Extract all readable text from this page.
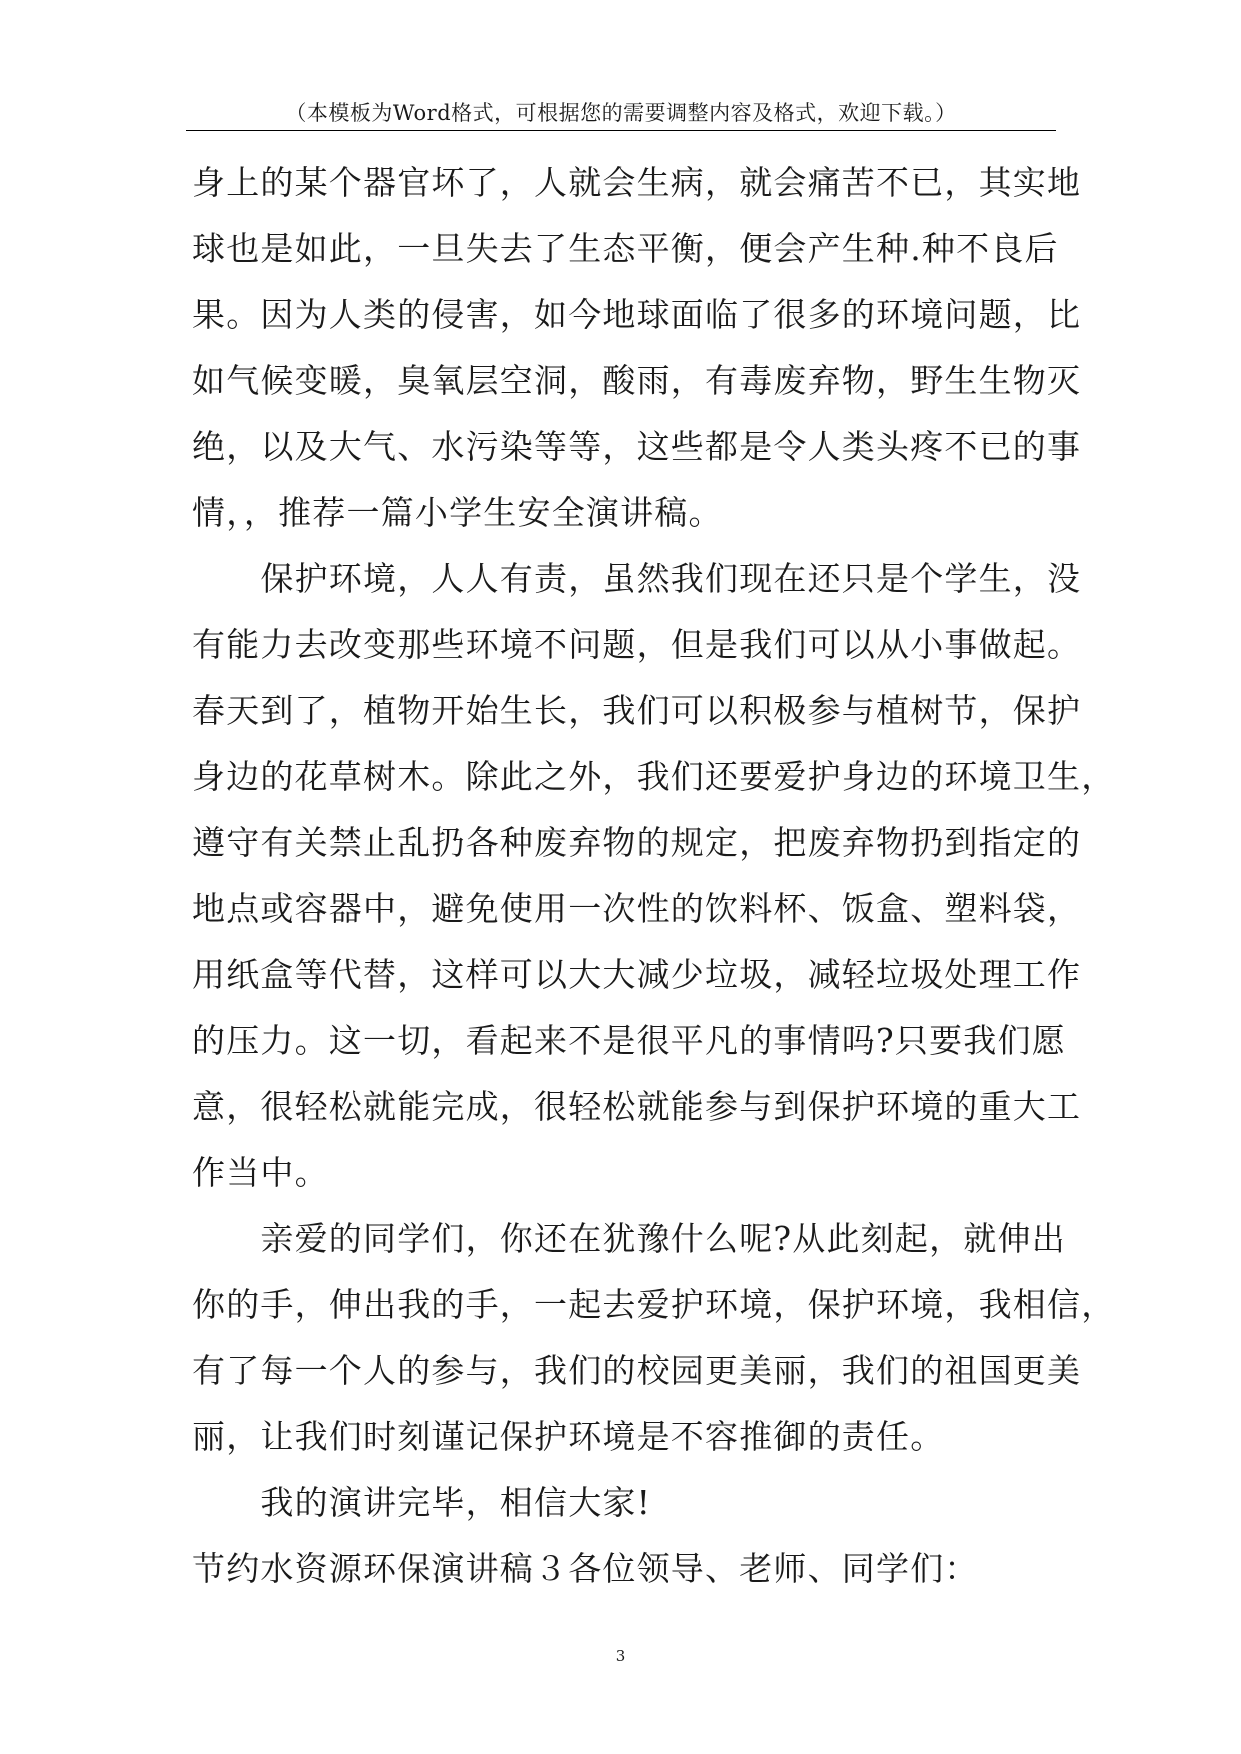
（本模板为Word格式，可根据您的需要调整内容及格式，欢迎下载。）
身上的某个器官坏了，人就会生病，就会痛苦不已，其实地
球也是如此，一旦失去了生态平衡，便会产生种.种不良后
果。因为人类的侵害，如今地球面临了很多的环境问题，比
如气候变暖，臭氧层空洞，酸雨，有毒废弃物，野生生物灭
绝，以及大气、水污染等等，这些都是令人类头疼不已的事
情，，推荐一篇小学生安全演讲稿。
　　保护环境，人人有责，虽然我们现在还只是个学生，没
有能力去改变那些环境不问题，但是我们可以从小事做起。
春天到了，植物开始生长，我们可以积极参与植树节，保护
身边的花草树木。除此之外，我们还要爱护身边的环境卫生，
遵守有关禁止乱扔各种废弃物的规定，把废弃物扔到指定的
地点或容器中，避免使用一次性的饮料杯、饭盒、塑料袋，
用纸盒等代替，这样可以大大减少垃圾，减轻垃圾处理工作
的压力。这一切，看起来不是很平凡的事情吗?只要我们愿
意，很轻松就能完成，很轻松就能参与到保护环境的重大工
作当中。
　　亲爱的同学们，你还在犹豫什么呢?从此刻起，就伸出
你的手，伸出我的手，一起去爱护环境，保护环境，我相信，
有了每一个人的参与，我们的校园更美丽，我们的祖国更美
丽，让我们时刻谨记保护环境是不容推御的责任。
　　我的演讲完毕，相信大家!
节约水资源环保演讲稿３各位领导、老师、同学们：
3
